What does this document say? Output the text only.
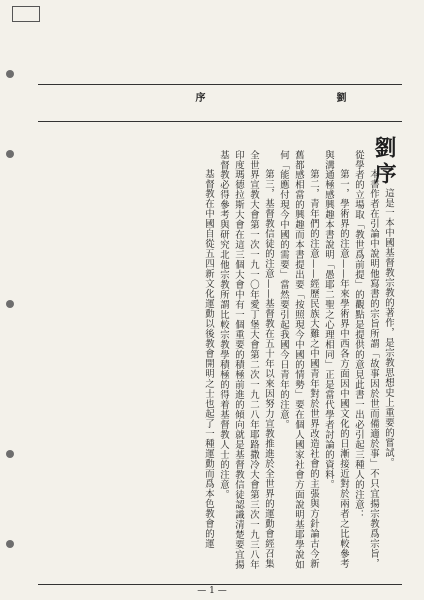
序	劉
劉序

這是一本中國基督教宗教的著作，是宗教思想史上重要的嘗試。

本書作者在引論中說明他寫書的宗旨所謂「故事因於世而備適於事」不只宜揚宗教爲宗旨，從學者的立場取「教世爲前提」的觀點是提供的意見此書一出必引起三種人的注意：

第一，學術界的注意——年來學術界中西各方面因中國文化的日漸接近對於兩者之比較參考與溝通極感興趣本書說明「愚耶二聖之心理相同」正是當代學者討論的資料。

第二，青年們的注意——經歷民族大難之中國青年對於世界改造社會的主張與方針論古今新舊都感相當的興趣而本書提出要「按照現今中國的情勢」要在個人國家社會方面說明基耶學說如何「能應付現今中國的需要」當然要引起我國今日青年的注意。

第三，基督教信徒的注意——基督教在五十年以來因努力宣教推進於全世界的運動會經召集全世界宣教大會第一次一九一〇年愛丁堡大會第二次一九二八年耶路撒冷大會第三次一九三八年印度瑪德拉斯大會在這三個大會中有一個重要的積極前進的傾向就是基督教信徒認識清楚要宜揚基督教必得參考與研究北他宗教所謂比較宗教學積極的得着基督教人士的注意。

基督教在中國自從五四新文化運動以後教會開明之士也起了一種運動而爲本色教會的運

— 1 —
